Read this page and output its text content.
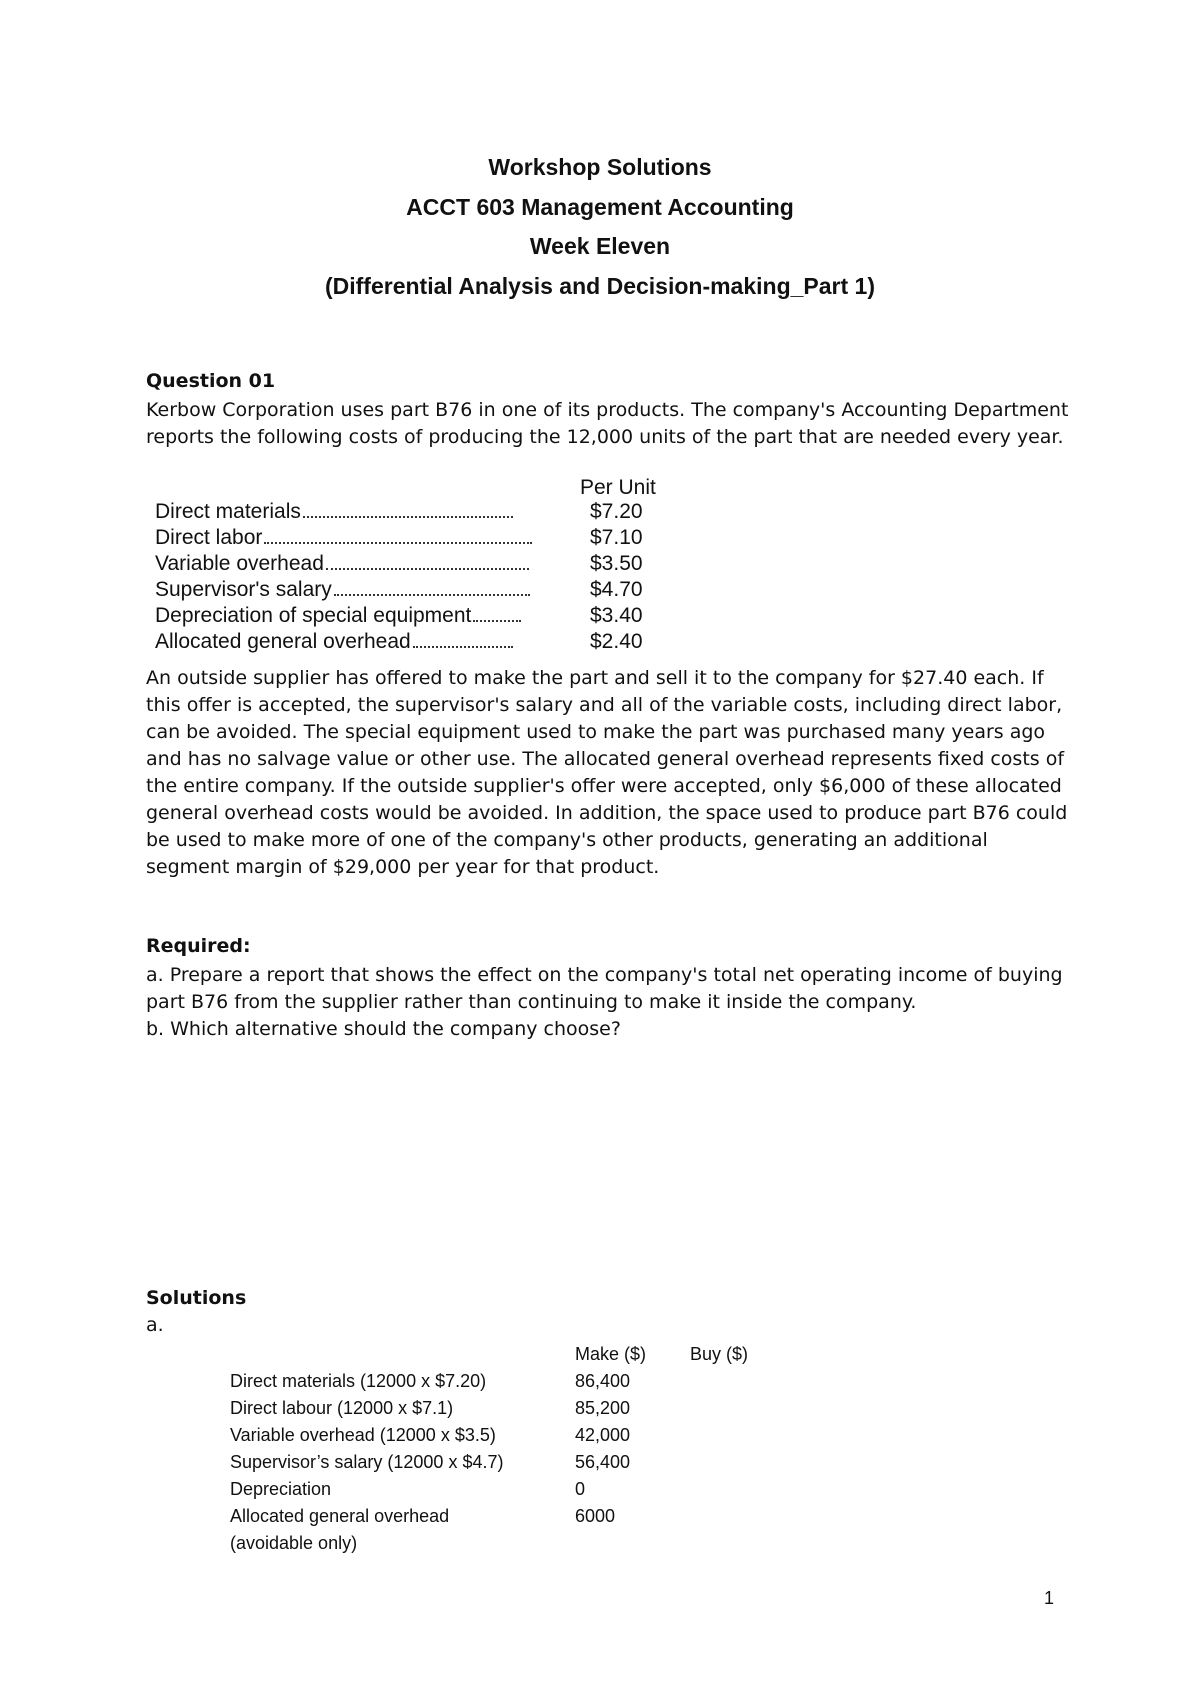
Workshop Solutions
ACCT 603 Management Accounting
Week Eleven
(Differential Analysis and Decision-making_Part 1)
Question 01
Kerbow Corporation uses part B76 in one of its products. The company's Accounting Department reports the following costs of producing the 12,000 units of the part that are needed every year.
Per Unit
Direct materials	$7.20
Direct labor	$7.10
Variable overhead	$3.50
Supervisor's salary	$4.70
Depreciation of special equipment	$3.40
Allocated general overhead	$2.40
An outside supplier has offered to make the part and sell it to the company for $27.40 each. If this offer is accepted, the supervisor's salary and all of the variable costs, including direct labor, can be avoided. The special equipment used to make the part was purchased many years ago and has no salvage value or other use. The allocated general overhead represents fixed costs of the entire company. If the outside supplier's offer were accepted, only $6,000 of these allocated general overhead costs would be avoided. In addition, the space used to produce part B76 could be used to make more of one of the company's other products, generating an additional segment margin of $29,000 per year for that product.
Required:
a. Prepare a report that shows the effect on the company's total net operating income of buying part B76 from the supplier rather than continuing to make it inside the company.
b. Which alternative should the company choose?
Solutions
a.
Make ($) Buy ($)
Direct materials (12000 x $7.20)	86,400
Direct labour (12000 x $7.1)	85,200
Variable overhead (12000 x $3.5)	42,000
Supervisor’s salary (12000 x $4.7)	56,400
Depreciation	0
Allocated general overhead	6000
(avoidable only)
1
